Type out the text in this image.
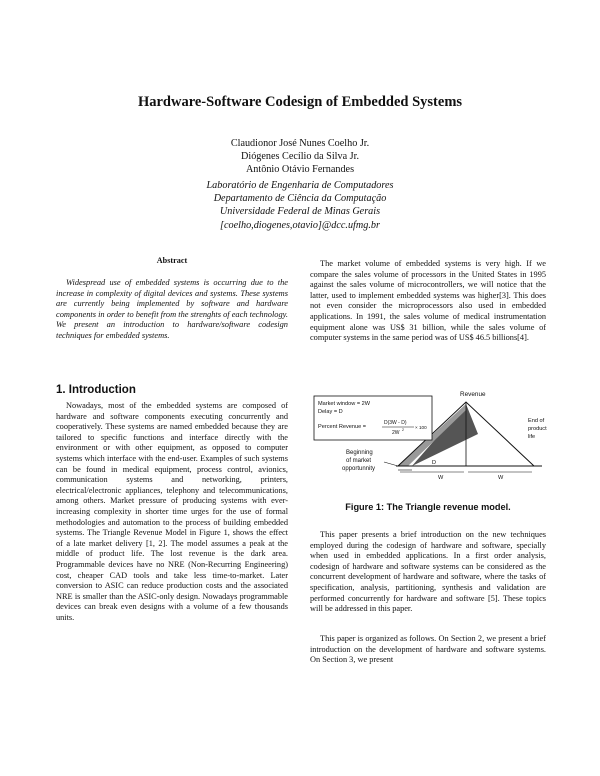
Hardware-Software Codesign of Embedded Systems
Claudionor José Nunes Coelho Jr.
Diógenes Cecílio da Silva Jr.
Antônio Otávio Fernandes
Laboratório de Engenharia de Computadores
Departamento de Ciência da Computação
Universidade Federal de Minas Gerais
[coelho,diogenes,otavio]@dcc.ufmg.br
Abstract
Widespread use of embedded systems is occurring due to the increase in complexity of digital devices and systems. These systems are currently being implemented by software and hardware components in order to benefit from the strenghts of each technology. We present an introduction to hardware/software codesign techniques for embedded systems.
1. Introduction
Nowadays, most of the embedded systems are composed of hardware and software components executing concurrently and cooperatively. These systems are named embedded because they are tailored to specific functions and interface directly with the environment or with other equipment, as opposed to computer systems which interface with the end-user. Examples of such systems can be found in medical equipment, process control, avionics, communication systems and networking, printers, electrical/electronic appliances, telephony and telecommunications, among others. Market pressure of producing systems with ever-increasing complexity in shorter time urges for the use of formal methodologies and automation to the process of building embedded systems. The Triangle Revenue Model in Figure 1, shows the effect of a late market delivery [1, 2]. The model assumes a peak at the middle of product life. The lost revenue is the dark area. Programmable devices have no NRE (Non-Recurring Engineering) cost, cheaper CAD tools and take less time-to-market. Later conversion to ASIC can reduce production costs and the associated NRE is smaller than the ASIC-only design. Nowadays programmable devices can break even designs with a volume of a few thousands units.
The market volume of embedded systems is very high. If we compare the sales volume of processors in the United States in 1995 against the sales volume of microcontrollers, we will notice that the latter, used to implement embedded systems was higher[3]. This does not even consider the microprocessors also used in embedded applications. In 1991, the sales volume of medical instrumentation equipment alone was US$ 31 billion, while the sales volume of computer systems in the same period was of US$ 46.5 billions[4].
Market window = 2W
Delay = D
Percent Revenue =
D(3W - D)
2W 2 × 100
Revenue
End of
product
life
Beginning
of market
opportunnity
D
W	W
Figure 1: The Triangle revenue model.
This paper presents a brief introduction on the new techniques employed during the codesign of hardware and software, specially when used in embedded applications. In a first order analysis, codesign of hardware and software systems can be considered as the concurrent development of hardware and software, where the tasks of specification, analysis, partitioning, synthesis and validation are performed concurrently for hardware and software [5]. These topics will be addressed in this paper.
This paper is organized as follows. On Section 2, we present a brief introduction on the development of hardware and software systems. On Section 3, we present
